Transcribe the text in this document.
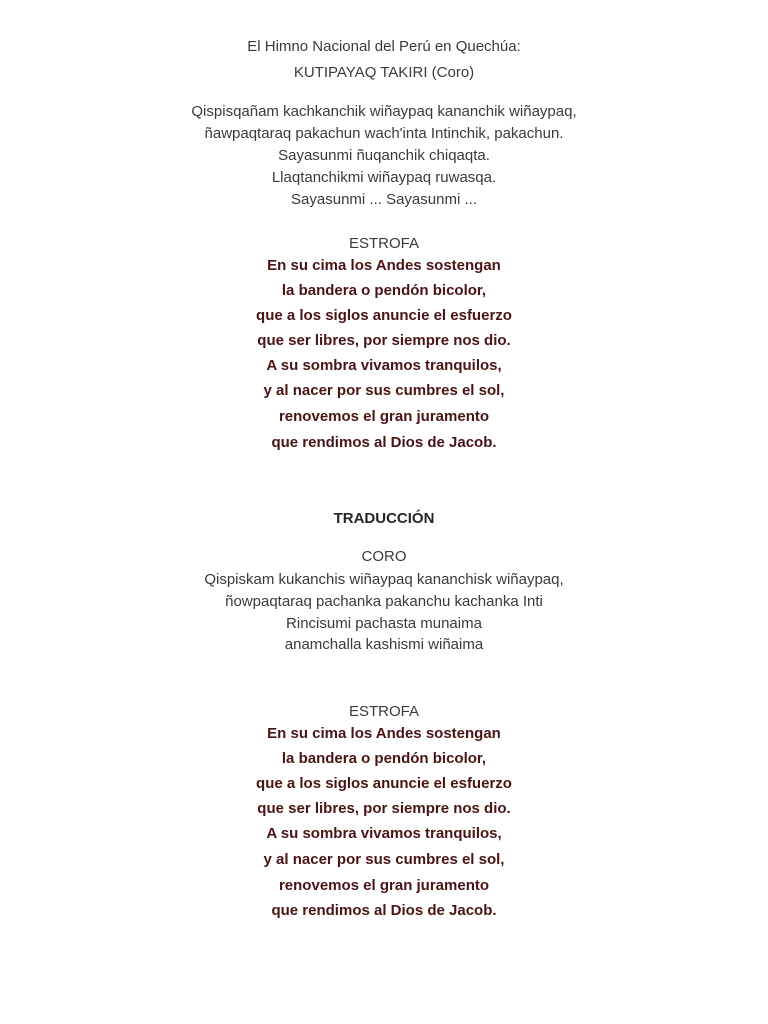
El Himno Nacional del Perú en Quechúa:
KUTIPAYAQ TAKIRI (Coro)
Qispisqañam kachkanchik wiñaypaq kananchik wiñaypaq,
ñawpaqtaraq pakachun wach'inta Intinchik, pakachun.
Sayasunmi ñuqanchik chiqaqta.
Llaqtanchikmi wiñaypaq ruwasqa.
Sayasunmi ... Sayasunmi ...
ESTROFA
En su cima los Andes sostengan
la bandera o pendón bicolor,
que a los siglos anuncie el esfuerzo
que ser libres, por siempre nos dio.
A su sombra vivamos tranquilos,
y al nacer por sus cumbres el sol,
renovemos el gran juramento
que rendimos al Dios de Jacob.
TRADUCCIÓN
CORO
Qispiskam kukanchis wiñaypaq kananchisk wiñaypaq,
ñowpaqtaraq pachanka pakanchu kachanka Inti
Rincisumi pachasta munaima
anamchalla kashismi wiñaima
ESTROFA
En su cima los Andes sostengan
la bandera o pendón bicolor,
que a los siglos anuncie el esfuerzo
que ser libres, por siempre nos dio.
A su sombra vivamos tranquilos,
y al nacer por sus cumbres el sol,
renovemos el gran juramento
que rendimos al Dios de Jacob.
